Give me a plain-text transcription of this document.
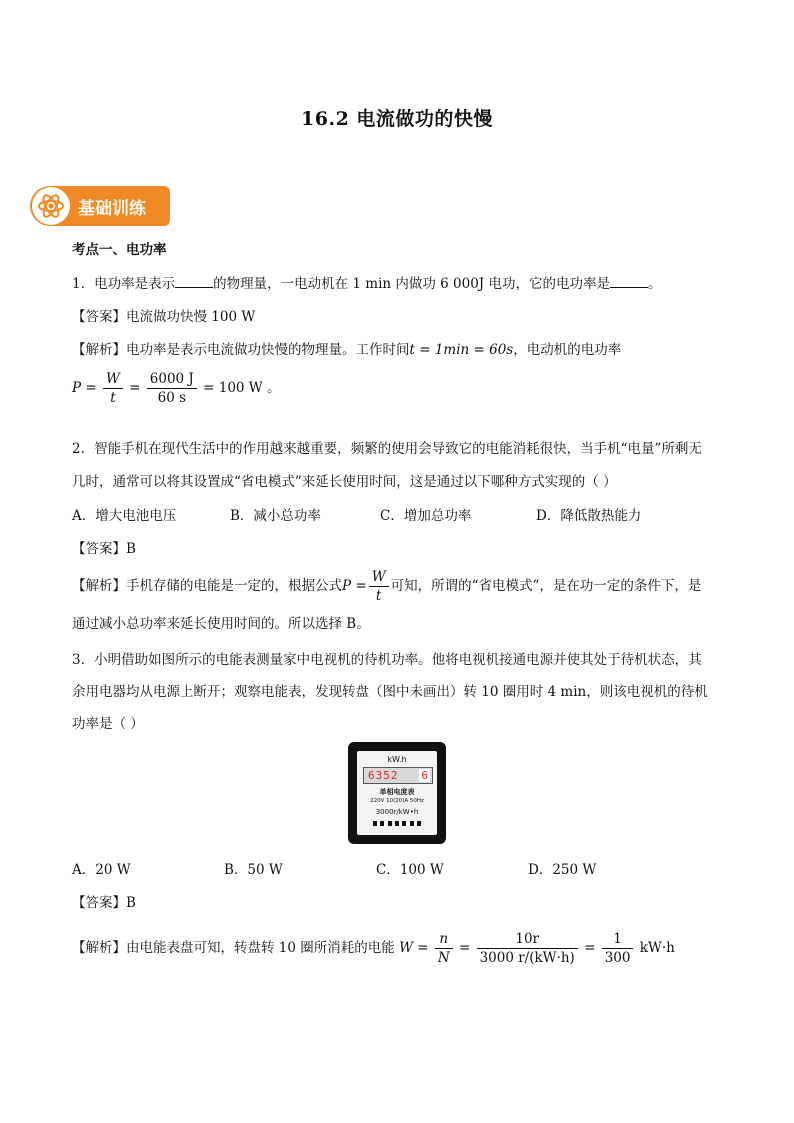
16.2 电流做功的快慢
基础训练
考点一、电功率
1．电功率是表示	的物理量，一电动机在 1 min 内做功 6 000J 电功，它的电功率是	。
【答案】电流做功快慢 100 W
【解析】电功率是表示电流做功快慢的物理量。工作时间t = 1min = 60s，电动机的电功率
$P = \frac{W}{t} = \frac{6000 J}{60 s} = 100$ W 。
2．智能手机在现代生活中的作用越来越重要，频繁的使用会导致它的电能消耗很快，当手机“电量”所剩无
几时，通常可以将其设置成“省电模式”来延长使用时间，这是通过以下哪种方式实现的（ ）
A．增大电池电压	B．减小总功率	C．增加总功率	D．降低散热能力
【答案】B
【解析】手机存储的电能是一定的，根据公式$P = \frac{W}{t}$ 可知，所谓的“省电模式”，是在功一定的条件下，是
通过减小总功率来延长使用时间的。所以选择 B。
3．小明借助如图所示的电能表测量家中电视机的待机功率。他将电视机接通电源并使其处于待机状态，其
余用电器均从电源上断开；观察电能表，发现转盘（图中未画出）转 10 圈用时 4 min，则该电视机的待机
功率是（ ）
kW.h
6352 6
单相电度表
220V 10(20)A 50Hz
3000r/kW•h
A．20 W	B．50 W	C．100 W	D．250 W
【答案】B
【解析】由电能表盘可知，转盘转 10 圈所消耗的电能 $W = \frac{n}{N} = \frac{10r}{3000 r/(kW\cdot h)} = \frac{1}{300} kW\cdot h$
